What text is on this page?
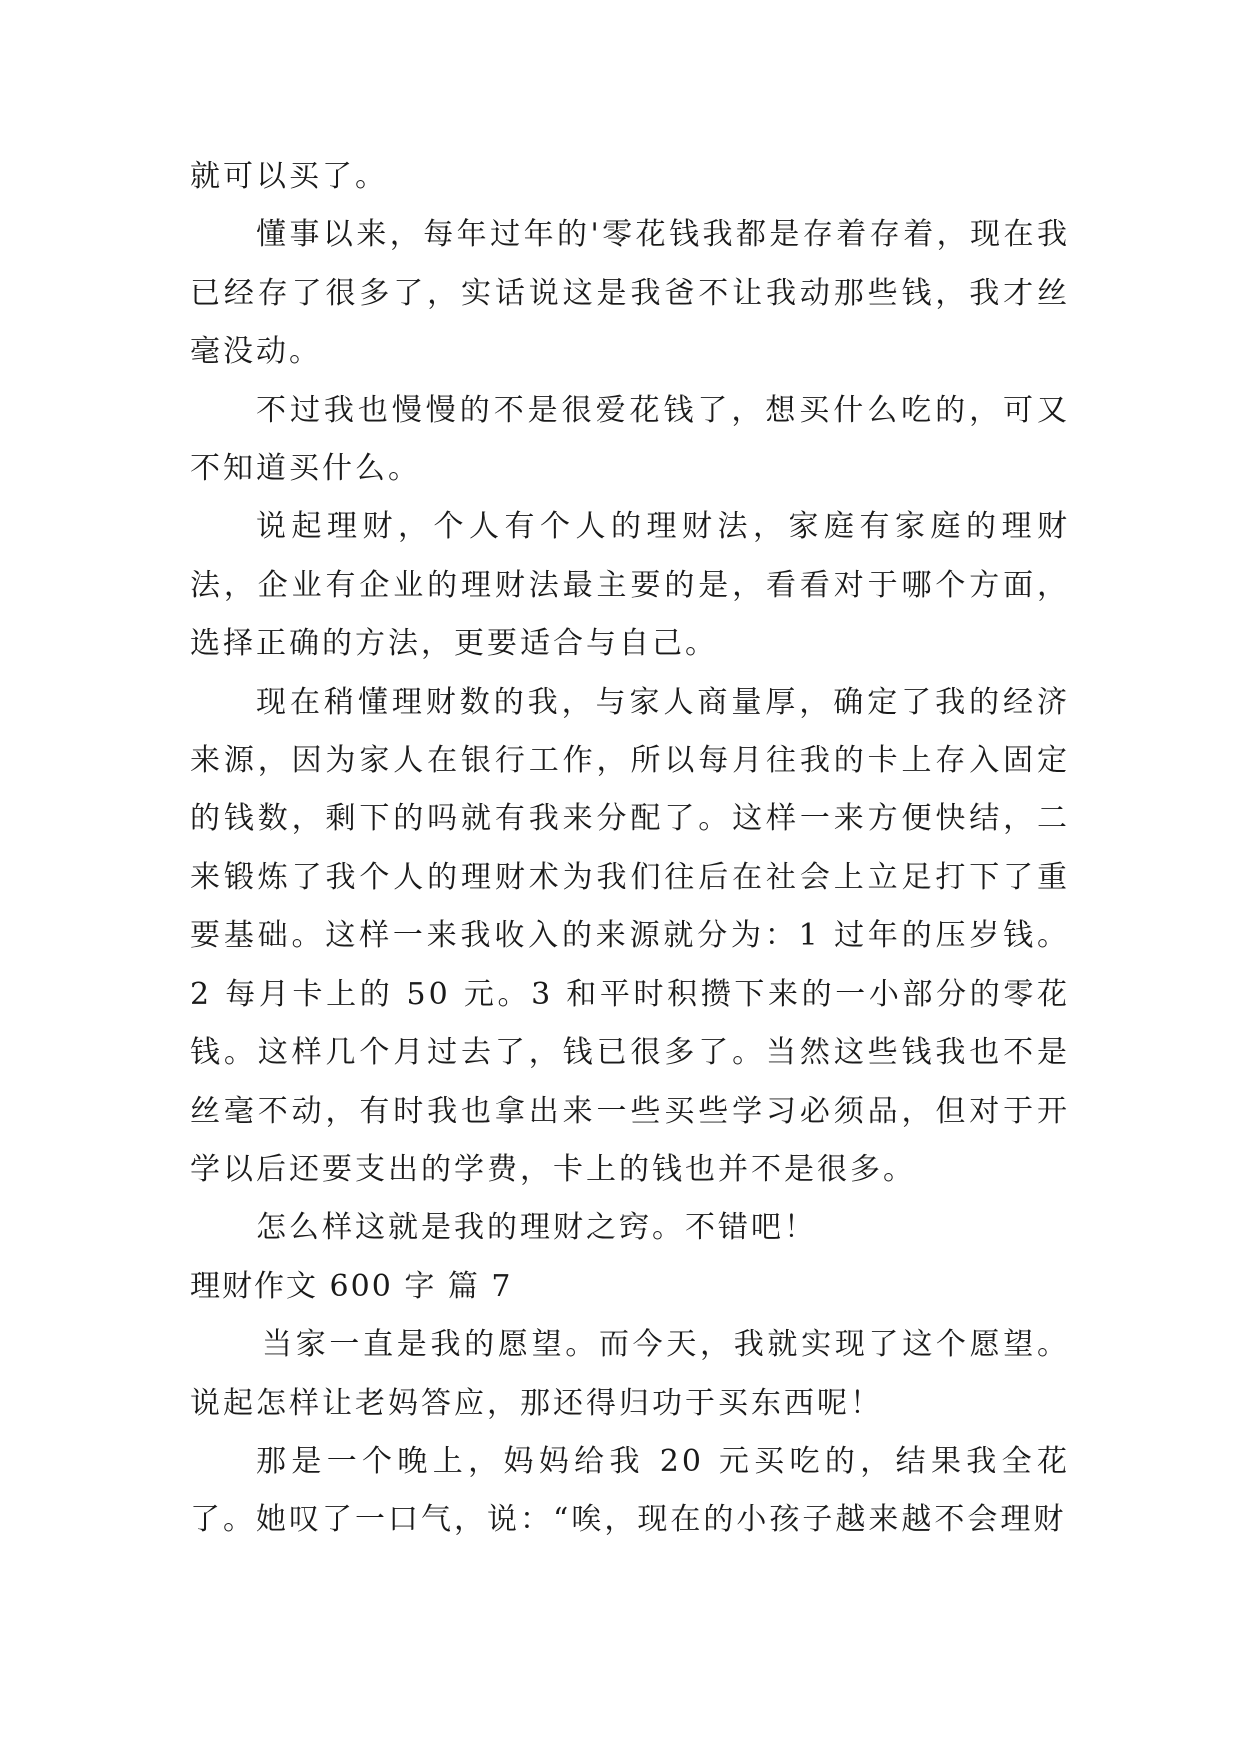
就可以买了。

懂事以来，每年过年的'零花钱我都是存着存着，现在我已经存了很多了，实话说这是我爸不让我动那些钱，我才丝毫没动。

不过我也慢慢的不是很爱花钱了，想买什么吃的，可又不知道买什么。

说起理财，个人有个人的理财法，家庭有家庭的理财法，企业有企业的理财法最主要的是，看看对于哪个方面，选择正确的方法，更要适合与自己。

现在稍懂理财数的我，与家人商量厚，确定了我的经济来源，因为家人在银行工作，所以每月往我的卡上存入固定的钱数，剩下的吗就有我来分配了。这样一来方便快结，二来锻炼了我个人的理财术为我们往后在社会上立足打下了重要基础。这样一来我收入的来源就分为：1 过年的压岁钱。2 每月卡上的 50 元。3 和平时积攒下来的一小部分的零花钱。这样几个月过去了，钱已很多了。当然这些钱我也不是丝毫不动，有时我也拿出来一些买些学习必须品，但对于开学以后还要支出的学费，卡上的钱也并不是很多。

怎么样这就是我的理财之窍。不错吧！

理财作文 600 字 篇 7

当家一直是我的愿望。而今天，我就实现了这个愿望。说起怎样让老妈答应，那还得归功于买东西呢！

那是一个晚上，妈妈给我 20 元买吃的，结果我全花了。她叹了一口气，说：“唉，现在的小孩子越来越不会理财
